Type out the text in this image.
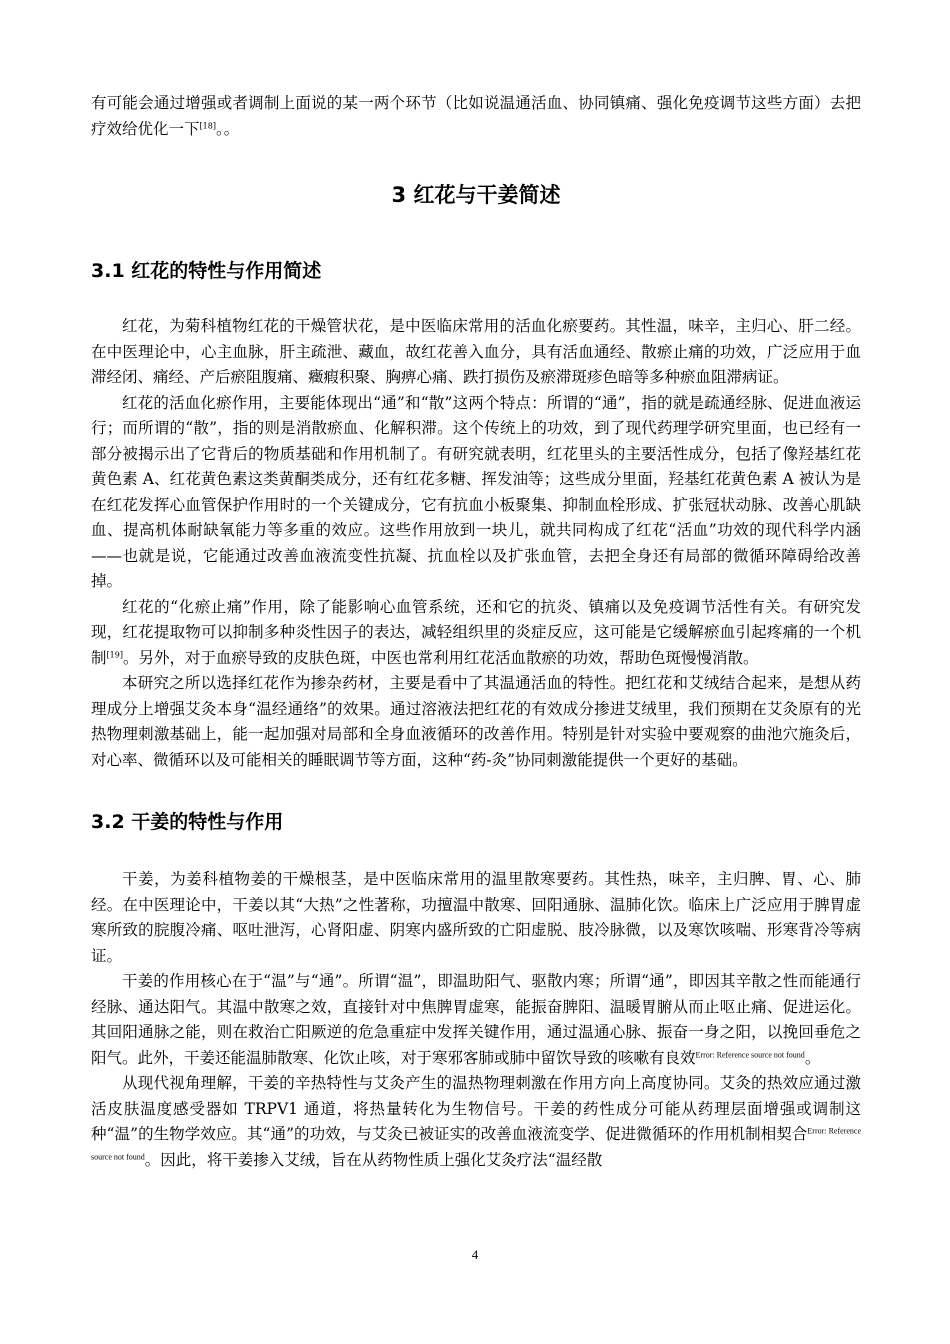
有可能会通过增强或者调制上面说的某一两个环节（比如说温通活血、协同镇痛、强化免疫调节这些方面）去把疗效给优化一下[18]。。

3 红花与干姜简述
3.1 红花的特性与作用简述

红花，为菊科植物红花的干燥管状花，是中医临床常用的活血化瘀要药。其性温，味辛，主归心、肝二经。在中医理论中，心主血脉，肝主疏泄、藏血，故红花善入血分，具有活血通经、散瘀止痛的功效，广泛应用于血滞经闭、痛经、产后瘀阻腹痛、癥瘕积聚、胸痹心痛、跌打损伤及瘀滞斑疹色暗等多种瘀血阻滞病证。

红花的活血化瘀作用，主要能体现出“通”和“散”这两个特点：所谓的“通”，指的就是疏通经脉、促进血液运行；而所谓的“散”，指的则是消散瘀血、化解积滞。这个传统上的功效，到了现代药理学研究里面，也已经有一部分被揭示出了它背后的物质基础和作用机制了。有研究就表明，红花里头的主要活性成分，包括了像羟基红花黄色素 A、红花黄色素这类黄酮类成分，还有红花多糖、挥发油等；这些成分里面，羟基红花黄色素 A 被认为是在红花发挥心血管保护作用时的一个关键成分，它有抗血小板聚集、抑制血栓形成、扩张冠状动脉、改善心肌缺血、提高机体耐缺氧能力等多重的效应。这些作用放到一块儿，就共同构成了红花“活血”功效的现代科学内涵——也就是说，它能通过改善血液流变性抗凝、抗血栓以及扩张血管，去把全身还有局部的微循环障碍给改善掉。

红花的“化瘀止痛”作用，除了能影响心血管系统，还和它的抗炎、镇痛以及免疫调节活性有关。有研究发现，红花提取物可以抑制多种炎性因子的表达，减轻组织里的炎症反应，这可能是它缓解瘀血引起疼痛的一个机制[19]。另外，对于血瘀导致的皮肤色斑，中医也常利用红花活血散瘀的功效，帮助色斑慢慢消散。

本研究之所以选择红花作为掺杂药材，主要是看中了其温通活血的特性。把红花和艾绒结合起来，是想从药理成分上增强艾灸本身“温经通络”的效果。通过溶液法把红花的有效成分掺进艾绒里，我们预期在艾灸原有的光热物理刺激基础上，能一起加强对局部和全身血液循环的改善作用。特别是针对实验中要观察的曲池穴施灸后，对心率、微循环以及可能相关的睡眠调节等方面，这种“药-灸”协同刺激能提供一个更好的基础。

3.2 干姜的特性与作用

干姜，为姜科植物姜的干燥根茎，是中医临床常用的温里散寒要药。其性热，味辛，主归脾、胃、心、肺经。在中医理论中，干姜以其“大热”之性著称，功擅温中散寒、回阳通脉、温肺化饮。临床上广泛应用于脾胃虚寒所致的脘腹冷痛、呕吐泄泻，心肾阳虚、阴寒内盛所致的亡阳虚脱、肢冷脉微，以及寒饮咳喘、形寒背冷等病证。

干姜的作用核心在于“温”与“通”。所谓“温”，即温助阳气、驱散内寒；所谓“通”，即因其辛散之性而能通行经脉、通达阳气。其温中散寒之效，直接针对中焦脾胃虚寒，能振奋脾阳、温暖胃腑从而止呕止痛、促进运化。其回阳通脉之能，则在救治亡阳厥逆的危急重症中发挥关键作用，通过温通心脉、振奋一身之阳，以挽回垂危之阳气。此外，干姜还能温肺散寒、化饮止咳，对于寒邪客肺或肺中留饮导致的咳嗽有良效$^{Error: Reference source not found}$。

从现代视角理解，干姜的辛热特性与艾灸产生的温热物理刺激在作用方向上高度协同。艾灸的热效应通过激活皮肤温度感受器如 TRPV1 通道，将热量转化为生物信号。干姜的药性成分可能从药理层面增强或调制这种“温”的生物学效应。其“通”的功效，与艾灸已被证实的改善血液流变学、促进微循环的作用机制相契合$^{Error: Reference source not found}$。因此，将干姜掺入艾绒，旨在从药物性质上强化艾灸疗法“温经散

4
